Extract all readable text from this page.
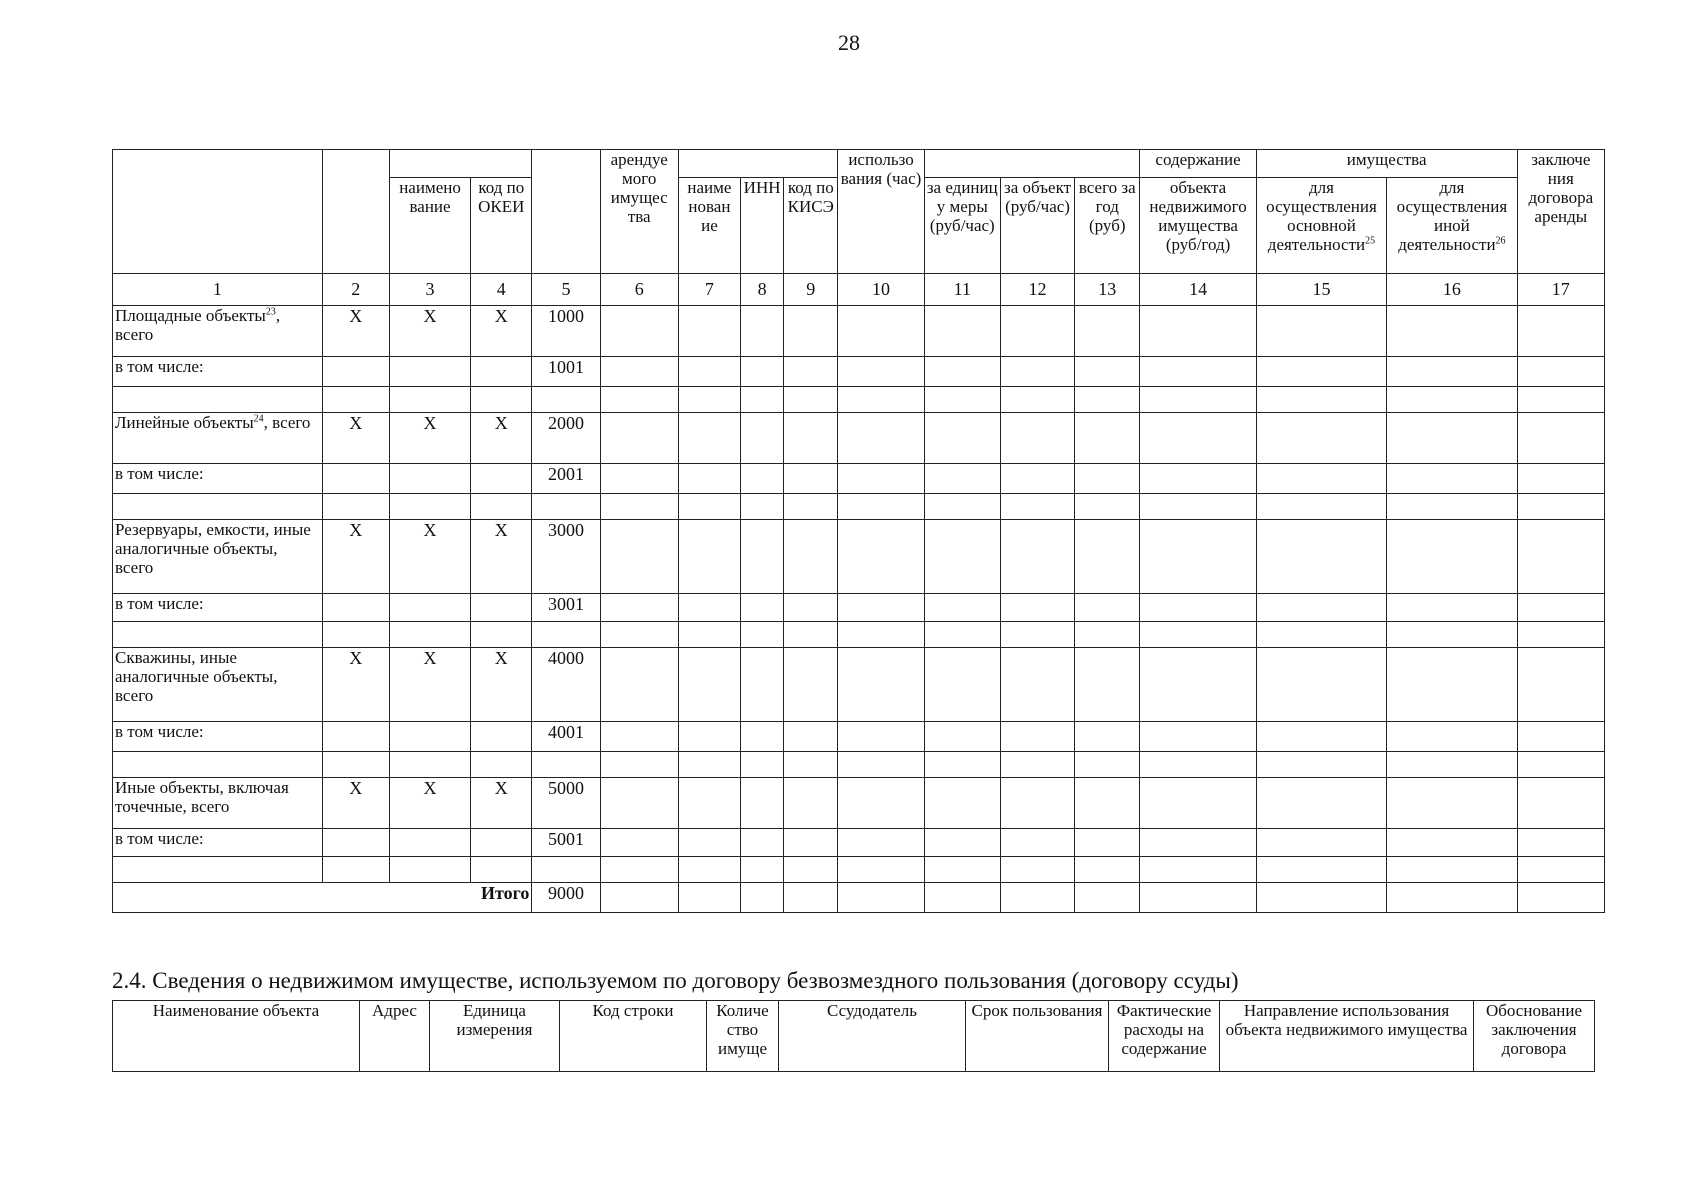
28
					арендуе мого имущес тва				использо вания (час)				содержание	имущества		заключе ния договора аренды
		наимено вание	код по ОКЕИ			наиме нован ие	ИНН	код по КИСЭ		за единиц у меры (руб/час)	за объект (руб/час)	всего за год (руб)	объекта недвижимого имущества (руб/год)	для осуществления основной деятельности$^{25}$	для осуществления иной деятельности$^{26}$
1	2	3	4	5	6	7	8	9	10	11	12	13	14	15	16	17
Площадные объекты$^{23}$, всего	X	X	X	1000												
в том числе:				1001												

Линейные объекты$^{24}$, всего	X	X	X	2000												
в том числе:				2001												

Резервуары, емкости, иные аналогичные объекты, всего	X	X	X	3000												
в том числе:				3001												

Скважины, иные аналогичные объекты, всего	X	X	X	4000												
в том числе:				4001												

Иные объекты, включая точечные, всего	X	X	X	5000												
в том числе:				5001												

Итого				9000												
2.4. Сведения о недвижимом имуществе, используемом по договору безвозмездного пользования (договору ссуды)
Наименование объекта	Адрес	Единица измерения	Код строки	Количе ство имуще	Ссудодатель	Срок пользования	Фактические расходы на содержание	Направление использования объекта недвижимого имущества	Обоснование заключения договора
